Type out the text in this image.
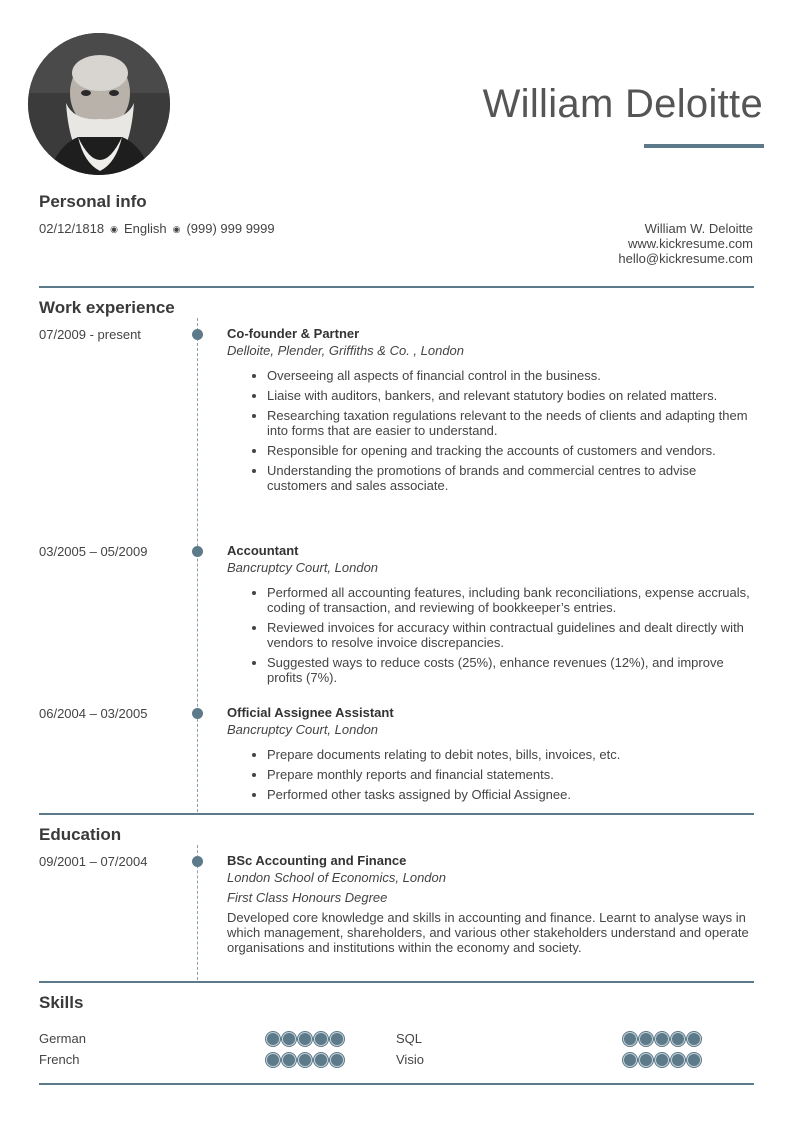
William Deloitte
Personal info
02/12/1818 ◉ English ◉ (999) 999 9999	William W. Deloitte
www.kickresume.com
hello@kickresume.com
Work experience
07/2009 - present	Co-founder & Partner
Delloite, Plender, Griffiths & Co. , London
• Overseeing all aspects of financial control in the business.
• Liaise with auditors, bankers, and relevant statutory bodies on related matters.
• Researching taxation regulations relevant to the needs of clients and adapting them into forms that are easier to understand.
• Responsible for opening and tracking the accounts of customers and vendors.
• Understanding the promotions of brands and commercial centres to advise customers and sales associate.
03/2005 – 05/2009	Accountant
Bancruptcy Court, London
• Performed all accounting features, including bank reconciliations, expense accruals, coding of transaction, and reviewing of bookkeeper’s entries.
• Reviewed invoices for accuracy within contractual guidelines and dealt directly with vendors to resolve invoice discrepancies.
• Suggested ways to reduce costs (25%), enhance revenues (12%), and improve profits (7%).
06/2004 – 03/2005	Official Assignee Assistant
Bancruptcy Court, London
• Prepare documents relating to debit notes, bills, invoices, etc.
• Prepare monthly reports and financial statements.
• Performed other tasks assigned by Official Assignee.
Education
09/2001 – 07/2004	BSc Accounting and Finance
London School of Economics, London
First Class Honours Degree
Developed core knowledge and skills in accounting and finance. Learnt to analyse ways in which management, shareholders, and various other stakeholders understand and operate organisations and institutions within the economy and society.
Skills
German	SQL
French	Visio
